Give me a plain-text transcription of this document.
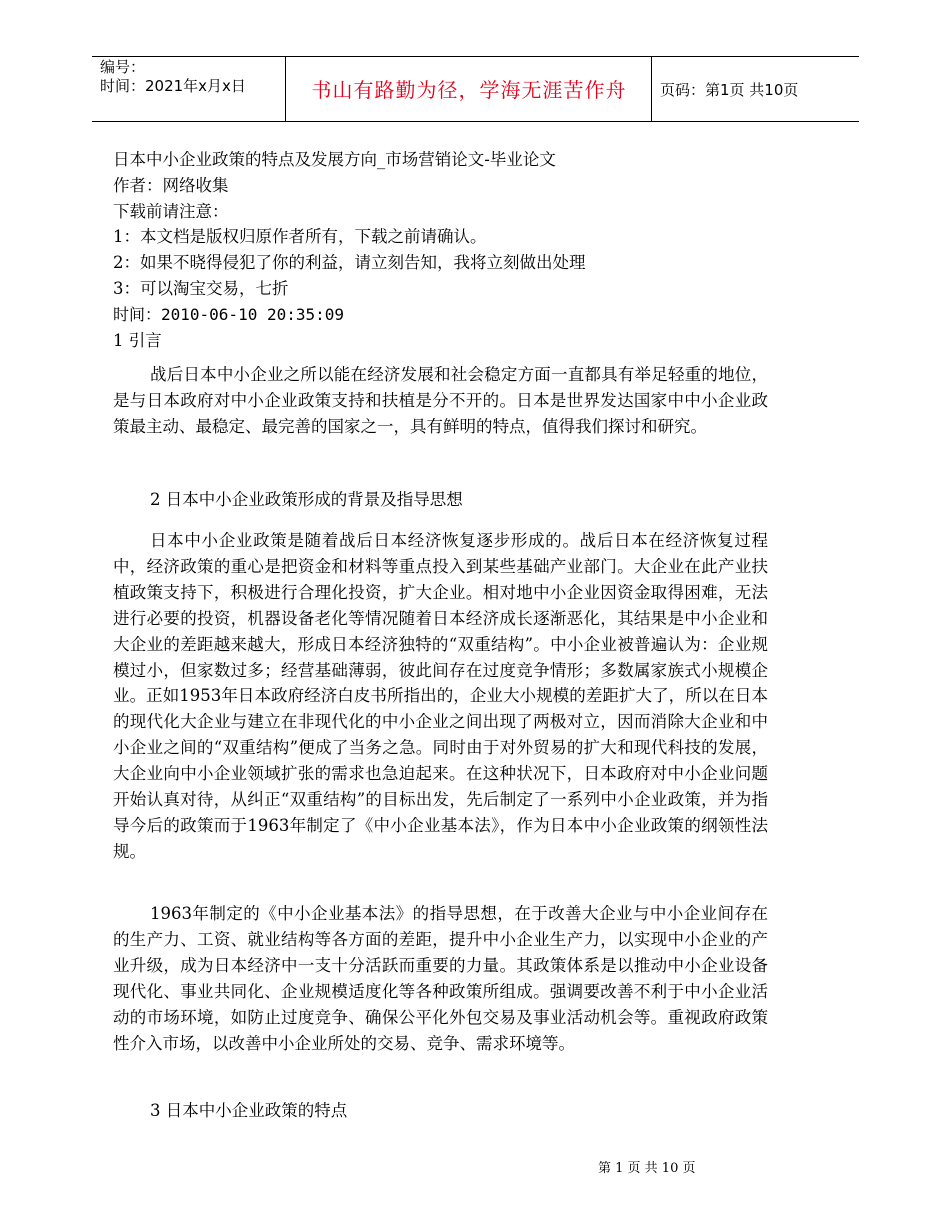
编号：
时间：2021年x月x日	书山有路勤为径，学海无涯苦作舟	页码：第1页 共10页
日本中小企业政策的特点及发展方向_市场营销论文-毕业论文
作者：网络收集
下载前请注意：
1：本文档是版权归原作者所有，下载之前请确认。
2：如果不晓得侵犯了你的利益，请立刻告知，我将立刻做出处理
3：可以淘宝交易，七折
时间：2010-06-10 20:35:09
1 引言

战后日本中小企业之所以能在经济发展和社会稳定方面一直都具有举足轻重的地位，是与日本政府对中小企业政策支持和扶植是分不开的。日本是世界发达国家中中小企业政策最主动、最稳定、最完善的国家之一，具有鲜明的特点，值得我们探讨和研究。

2 日本中小企业政策形成的背景及指导思想

日本中小企业政策是随着战后日本经济恢复逐步形成的。战后日本在经济恢复过程中，经济政策的重心是把资金和材料等重点投入到某些基础产业部门。大企业在此产业扶植政策支持下，积极进行合理化投资，扩大企业。相对地中小企业因资金取得困难，无法进行必要的投资，机器设备老化等情况随着日本经济成长逐渐恶化，其结果是中小企业和大企业的差距越来越大，形成日本经济独特的“双重结构”。中小企业被普遍认为：企业规模过小，但家数过多；经营基础薄弱，彼此间存在过度竞争情形；多数属家族式小规模企业。正如1953年日本政府经济白皮书所指出的，企业大小规模的差距扩大了，所以在日本的现代化大企业与建立在非现代化的中小企业之间出现了两极对立，因而消除大企业和中小企业之间的“双重结构”便成了当务之急。同时由于对外贸易的扩大和现代科技的发展，大企业向中小企业领域扩张的需求也急迫起来。在这种状况下，日本政府对中小企业问题开始认真对待，从纠正“双重结构”的目标出发，先后制定了一系列中小企业政策，并为指导今后的政策而于1963年制定了《中小企业基本法》，作为日本中小企业政策的纲领性法规。

1963年制定的《中小企业基本法》的指导思想，在于改善大企业与中小企业间存在的生产力、工资、就业结构等各方面的差距，提升中小企业生产力，以实现中小企业的产业升级，成为日本经济中一支十分活跃而重要的力量。其政策体系是以推动中小企业设备现代化、事业共同化、企业规模适度化等各种政策所组成。强调要改善不利于中小企业活动的市场环境，如防止过度竞争、确保公平化外包交易及事业活动机会等。重视政府政策性介入市场，以改善中小企业所处的交易、竞争、需求环境等。

3 日本中小企业政策的特点
第 1 页 共 10 页
